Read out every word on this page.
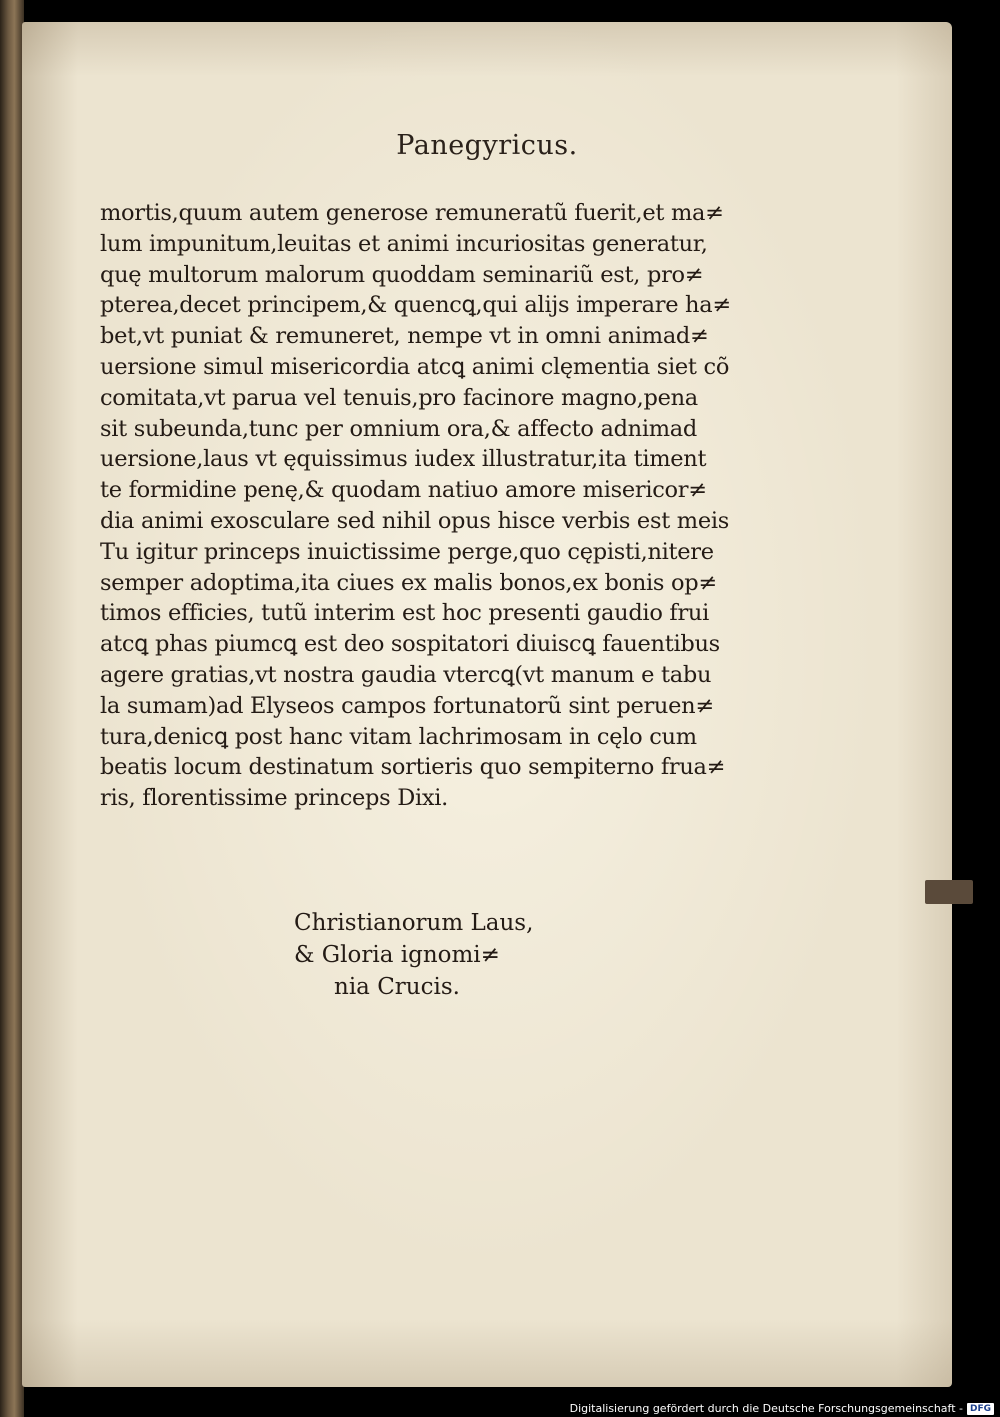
Panegyricus.
mortis,quum autem generose remuneratũ fuerit,et ma≠
lum impunitum,leuitas et animi incuriositas generatur,
quę multorum malorum quoddam seminariũ est, pro≠
pterea,decet principem,& quencꝗ,qui alijs imperare ha≠
bet,vt puniat & remuneret, nempe vt in omni animad≠
uersione simul misericordia atcꝗ animi clęmentia siet cõ
comitata,vt parua vel tenuis,pro facinore magno,pena
sit subeunda,tunc per omnium ora,& affecto adnimad
uersione,laus vt ęquissimus iudex illustratur,ita timent
te formidine penę,& quodam natiuo amore misericor≠
dia animi exosculare sed nihil opus hisce verbis est meis
Tu igitur princeps inuictissime perge,quo cępisti,nitere
semper adoptima,ita ciues ex malis bonos,ex bonis op≠
timos efficies, tutũ interim est hoc presenti gaudio frui
atcꝗ phas piumcꝗ est deo sospitatori diuiscꝗ fauentibus
agere gratias,vt nostra gaudia vtercꝗ(vt manum e tabu
la sumam)ad Elyseos campos fortunatorũ sint peruen≠
tura,denicꝗ post hanc vitam lachrimosam in cęlo cum
beatis locum destinatum sortieris quo sempiterno frua≠
ris, florentissime princeps Dixi.
Christianorum Laus,
& Gloria ignomi≠
nia Crucis.
Digitalisierung gefördert durch die Deutsche Forschungsgemeinschaft - DFG
